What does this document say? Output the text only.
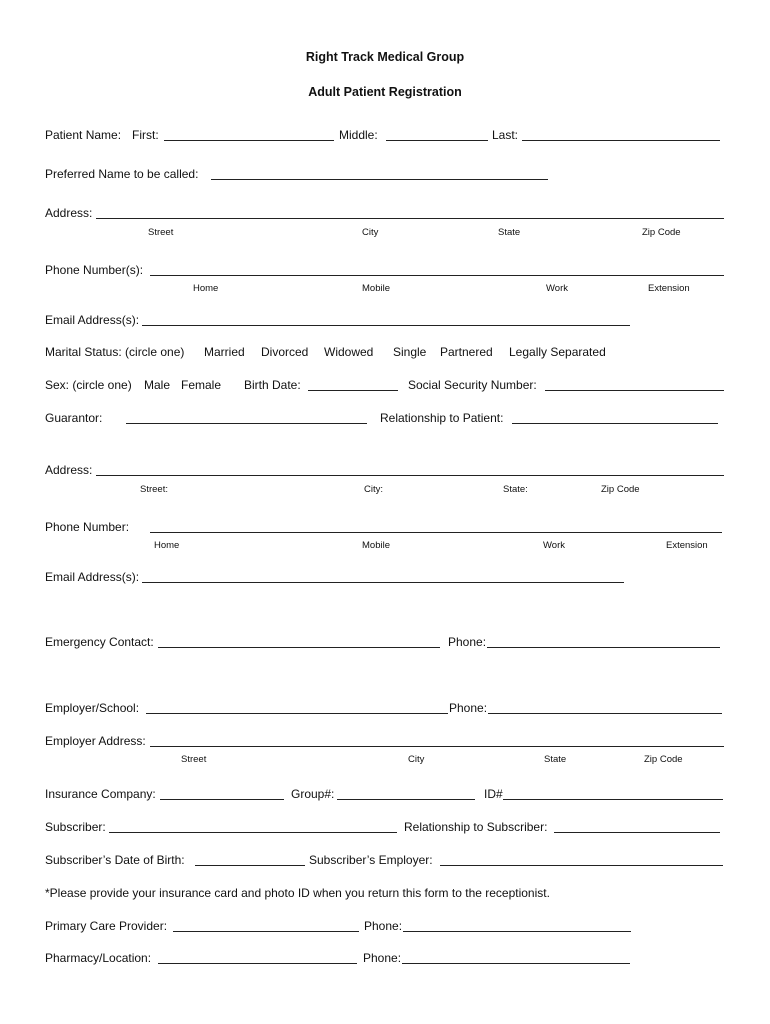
Right Track Medical Group
Adult Patient Registration
Patient Name: First:	Middle:	Last:
Preferred Name to be called:
Address:
Street	City	State	Zip Code
Phone Number(s):
Home	Mobile	Work	Extension
Email Address(s):
Marital Status: (circle one) Married Divorced Widowed Single Partnered Legally Separated
Sex: (circle one) Male Female Birth Date:	Social Security Number:
Guarantor:	Relationship to Patient:
Address:
Street:	City:	State:	Zip Code
Phone Number:
Home	Mobile	Work	Extension
Email Address(s):
Emergency Contact:	Phone:
Employer/School:	Phone:
Employer Address:
Street	City	State	Zip Code
Insurance Company:	Group#:	ID#
Subscriber:	Relationship to Subscriber:
Subscriber’s Date of Birth:	Subscriber’s Employer:
*Please provide your insurance card and photo ID when you return this form to the receptionist.
Primary Care Provider:	Phone:
Pharmacy/Location:	Phone:
